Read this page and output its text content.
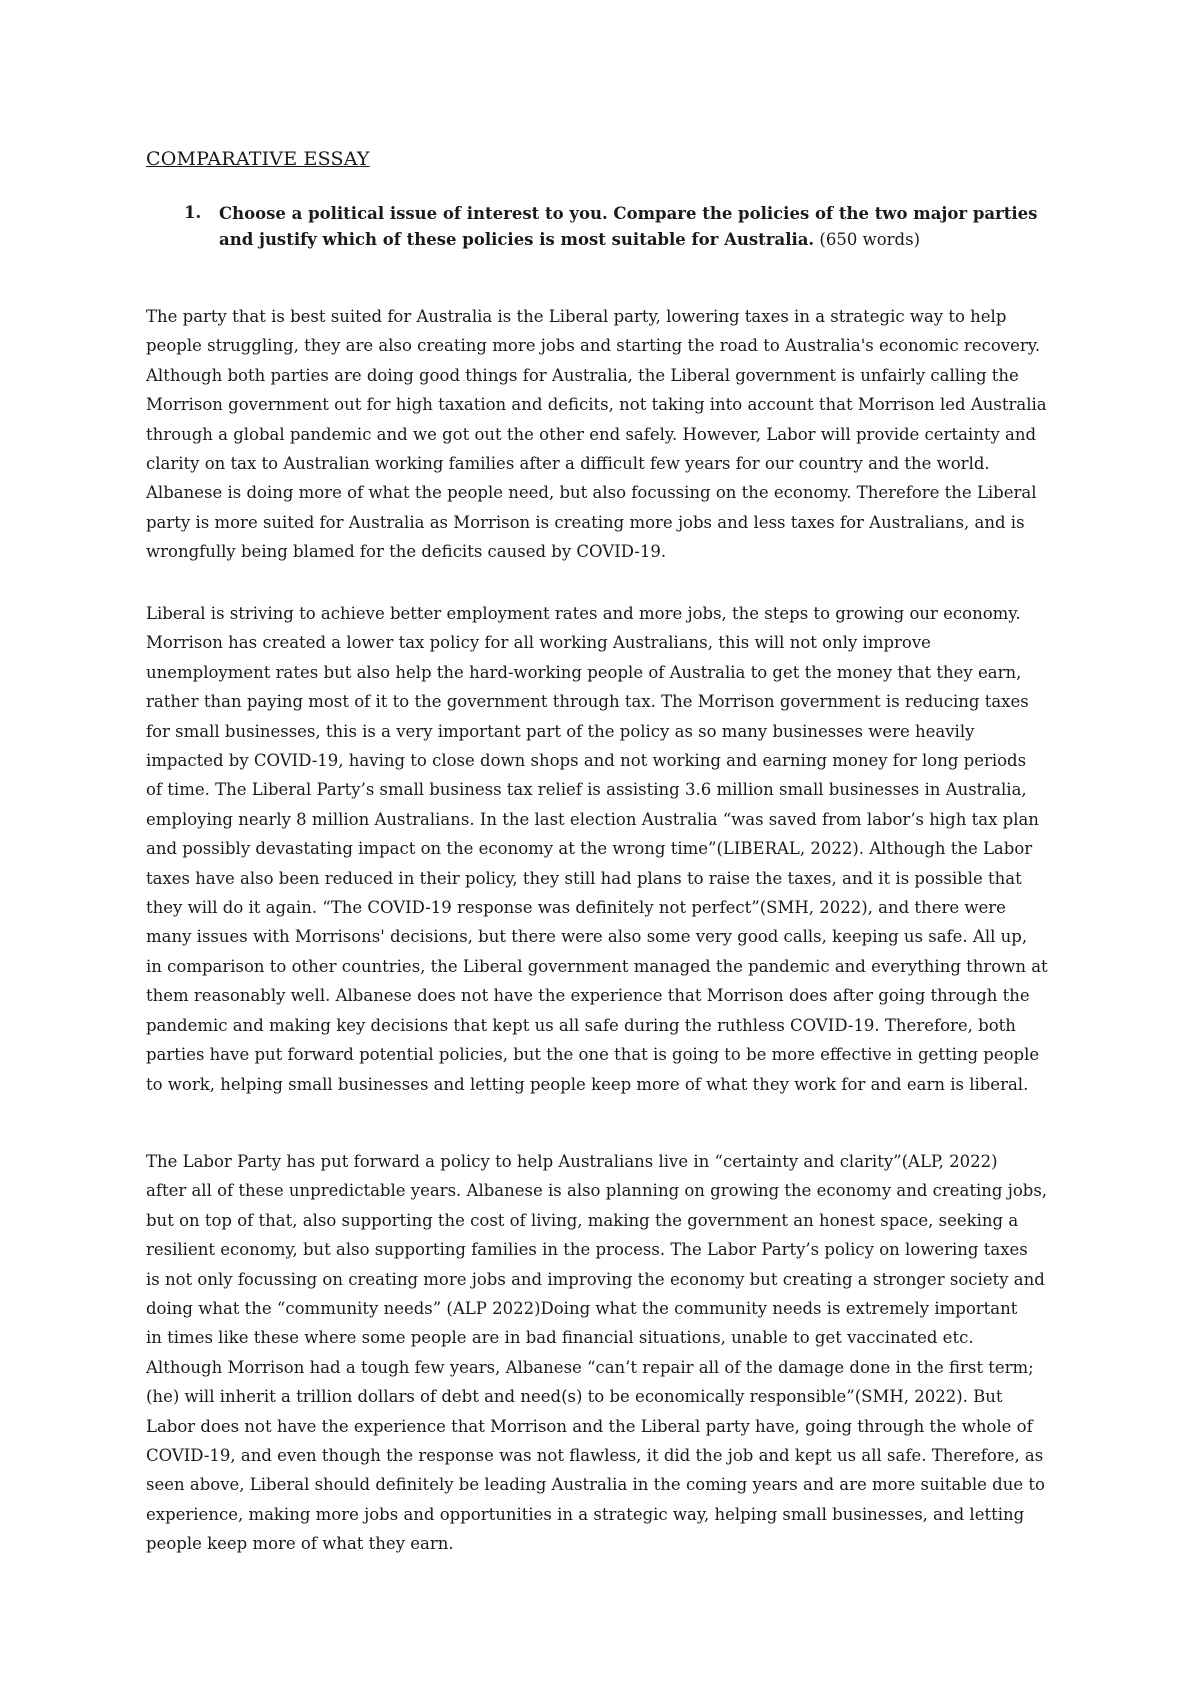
COMPARATIVE ESSAY
1. Choose a political issue of interest to you. Compare the policies of the two major parties and justify which of these policies is most suitable for Australia. (650 words)
The party that is best suited for Australia is the Liberal party, lowering taxes in a strategic way to help
people struggling, they are also creating more jobs and starting the road to Australia's economic recovery.
Although both parties are doing good things for Australia, the Liberal government is unfairly calling the
Morrison government out for high taxation and deficits, not taking into account that Morrison led Australia
through a global pandemic and we got out the other end safely. However, Labor will provide certainty and
clarity on tax to Australian working families after a difficult few years for our country and the world.
Albanese is doing more of what the people need, but also focussing on the economy. Therefore the Liberal
party is more suited for Australia as Morrison is creating more jobs and less taxes for Australians, and is
wrongfully being blamed for the deficits caused by COVID-19.
Liberal is striving to achieve better employment rates and more jobs, the steps to growing our economy.
Morrison has created a lower tax policy for all working Australians, this will not only improve
unemployment rates but also help the hard-working people of Australia to get the money that they earn,
rather than paying most of it to the government through tax. The Morrison government is reducing taxes
for small businesses, this is a very important part of the policy as so many businesses were heavily
impacted by COVID-19, having to close down shops and not working and earning money for long periods
of time. The Liberal Party’s small business tax relief is assisting 3.6 million small businesses in Australia,
employing nearly 8 million Australians. In the last election Australia “was saved from labor’s high tax plan
and possibly devastating impact on the economy at the wrong time”(LIBERAL, 2022). Although the Labor
taxes have also been reduced in their policy, they still had plans to raise the taxes, and it is possible that
they will do it again. “The COVID-19 response was definitely not perfect”(SMH, 2022), and there were
many issues with Morrisons' decisions, but there were also some very good calls, keeping us safe. All up,
in comparison to other countries, the Liberal government managed the pandemic and everything thrown at
them reasonably well. Albanese does not have the experience that Morrison does after going through the
pandemic and making key decisions that kept us all safe during the ruthless COVID-19. Therefore, both
parties have put forward potential policies, but the one that is going to be more effective in getting people
to work, helping small businesses and letting people keep more of what they work for and earn is liberal.
The Labor Party has put forward a policy to help Australians live in “certainty and clarity”(ALP, 2022)
after all of these unpredictable years. Albanese is also planning on growing the economy and creating jobs,
but on top of that, also supporting the cost of living, making the government an honest space, seeking a
resilient economy, but also supporting families in the process. The Labor Party’s policy on lowering taxes
is not only focussing on creating more jobs and improving the economy but creating a stronger society and
doing what the “community needs” (ALP 2022)Doing what the community needs is extremely important
in times like these where some people are in bad financial situations, unable to get vaccinated etc.
Although Morrison had a tough few years, Albanese “can’t repair all of the damage done in the first term;
(he) will inherit a trillion dollars of debt and need(s) to be economically responsible”(SMH, 2022). But
Labor does not have the experience that Morrison and the Liberal party have, going through the whole of
COVID-19, and even though the response was not flawless, it did the job and kept us all safe. Therefore, as
seen above, Liberal should definitely be leading Australia in the coming years and are more suitable due to
experience, making more jobs and opportunities in a strategic way, helping small businesses, and letting
people keep more of what they earn.
